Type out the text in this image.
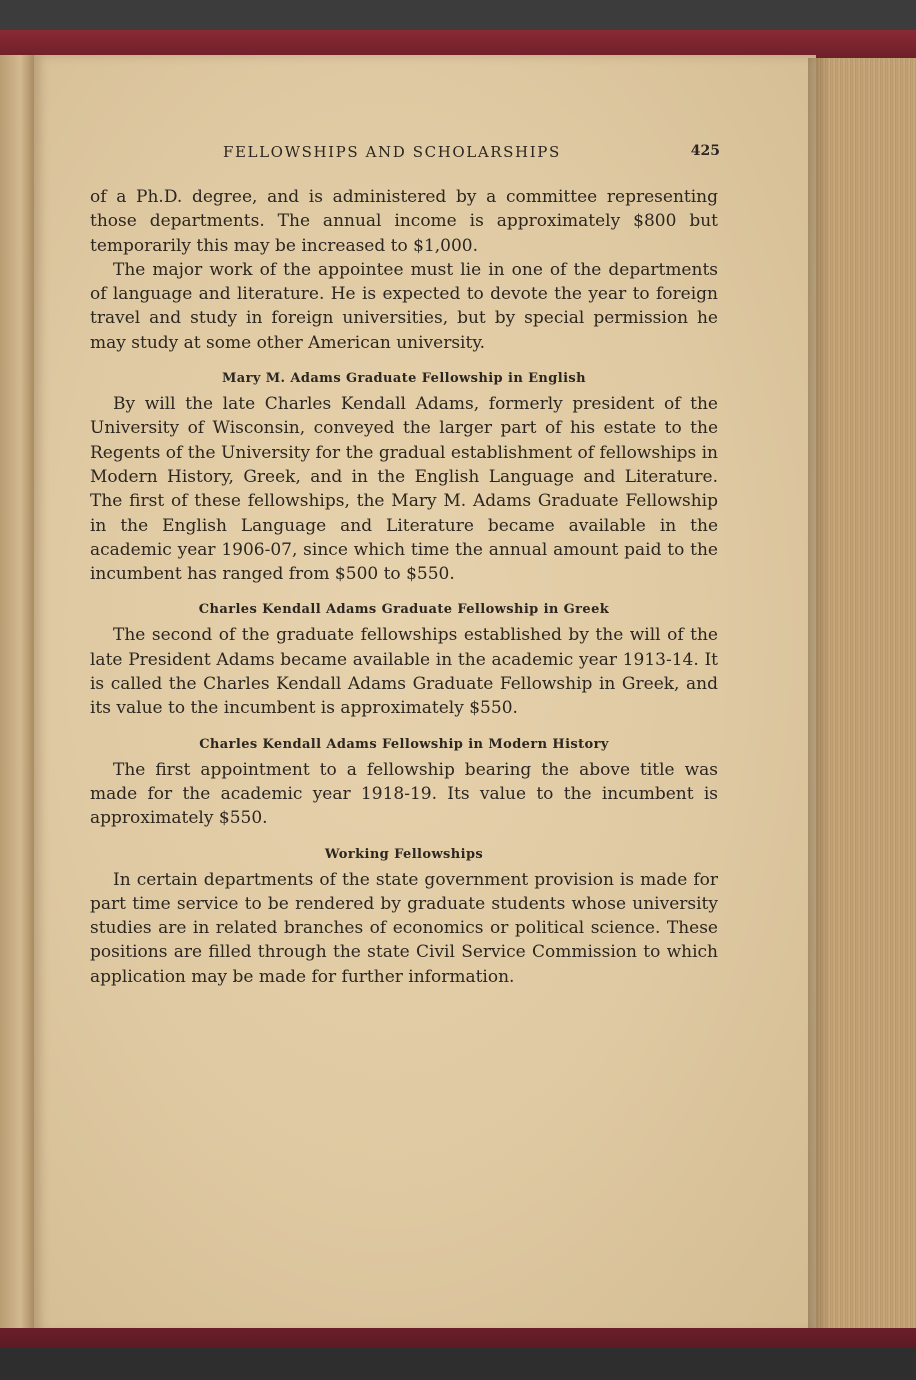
FELLOWSHIPS AND SCHOLARSHIPS	425

of a Ph.D. degree, and is administered by a committee representing those departments. The annual income is approximately $800 but temporarily this may be increased to $1,000.

The major work of the appointee must lie in one of the departments of language and literature. He is expected to devote the year to foreign travel and study in foreign universities, but by special permission he may study at some other American university.

Mary M. Adams Graduate Fellowship in English

By will the late Charles Kendall Adams, formerly president of the University of Wisconsin, conveyed the larger part of his estate to the Regents of the University for the gradual establishment of fellowships in Modern History, Greek, and in the English Language and Literature. The first of these fellowships, the Mary M. Adams Graduate Fellowship in the English Language and Literature became available in the academic year 1906-07, since which time the annual amount paid to the incumbent has ranged from $500 to $550.

Charles Kendall Adams Graduate Fellowship in Greek

The second of the graduate fellowships established by the will of the late President Adams became available in the academic year 1913-14. It is called the Charles Kendall Adams Graduate Fellowship in Greek, and its value to the incumbent is approximately $550.

Charles Kendall Adams Fellowship in Modern History

The first appointment to a fellowship bearing the above title was made for the academic year 1918-19. Its value to the incumbent is approximately $550.

Working Fellowships

In certain departments of the state government provision is made for part time service to be rendered by graduate students whose university studies are in related branches of economics or political science. These positions are filled through the state Civil Service Commission to which application may be made for further information.
